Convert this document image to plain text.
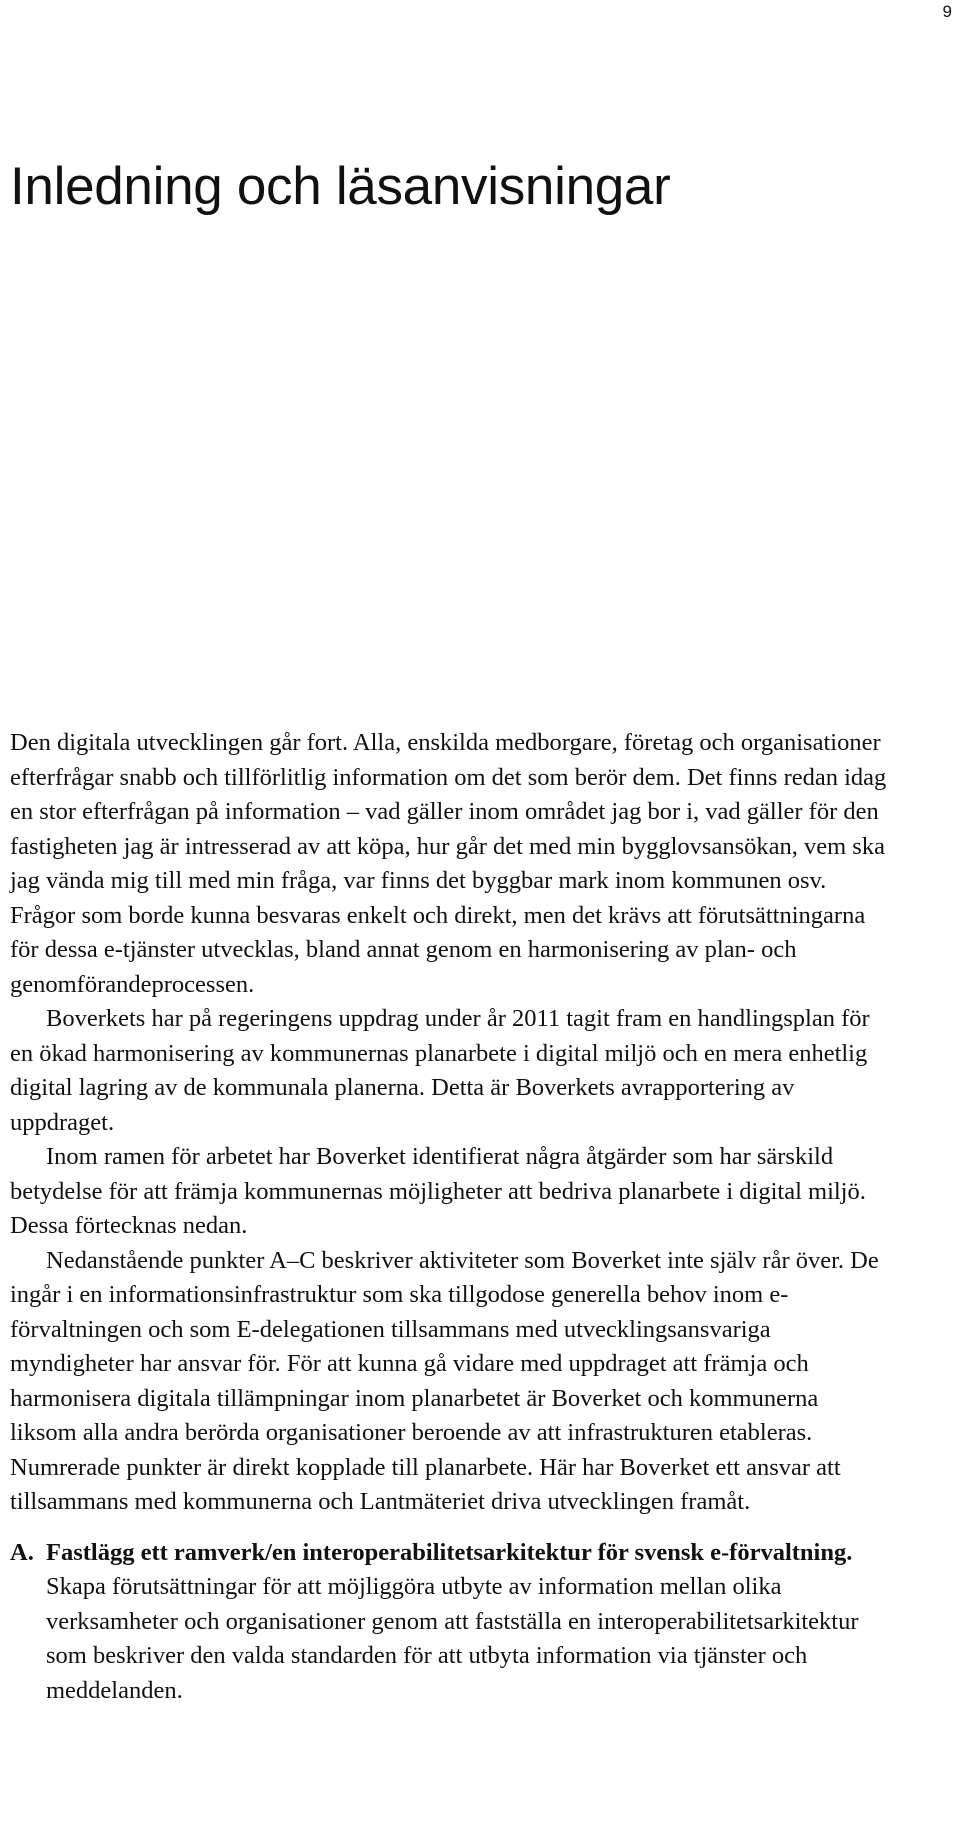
9
Inledning och läsanvisningar

Den digitala utvecklingen går fort. Alla, enskilda medborgare, företag och organisationer efterfrågar snabb och tillförlitlig information om det som berör dem. Det finns redan idag en stor efterfrågan på information – vad gäller inom området jag bor i, vad gäller för den fastigheten jag är intresserad av att köpa, hur går det med min bygglovsansökan, vem ska jag vända mig till med min fråga, var finns det byggbar mark inom kommunen osv. Frågor som borde kunna besvaras enkelt och direkt, men det krävs att förutsättningarna för dessa e-tjänster utvecklas, bland annat genom en harmonisering av plan- och genomförandeprocessen.

Boverkets har på regeringens uppdrag under år 2011 tagit fram en handlingsplan för en ökad harmonisering av kommunernas planarbete i digital miljö och en mera enhetlig digital lagring av de kommunala planerna. Detta är Boverkets avrapportering av uppdraget.

Inom ramen för arbetet har Boverket identifierat några åtgärder som har särskild betydelse för att främja kommunernas möjligheter att bedriva planarbete i digital miljö. Dessa förtecknas nedan.

Nedanstående punkter A–C beskriver aktiviteter som Boverket inte själv rår över. De ingår i en informationsinfrastruktur som ska tillgodose generella behov inom e-förvaltningen och som E-delegationen tillsammans med utvecklingsansvariga myndigheter har ansvar för. För att kunna gå vidare med uppdraget att främja och harmonisera digitala tillämpningar inom planarbetet är Boverket och kommunerna liksom alla andra berörda organisationer beroende av att infrastrukturen etableras. Numrerade punkter är direkt kopplade till planarbete. Här har Boverket ett ansvar att tillsammans med kommunerna och Lantmäteriet driva utvecklingen framåt.

A. Fastlägg ett ramverk/en interoperabilitetsarkitektur för svensk e-förvaltning.
Skapa förutsättningar för att möjliggöra utbyte av information mellan olika verksamheter och organisationer genom att fastställa en interoperabilitetsarkitektur som beskriver den valda standarden för att utbyta information via tjänster och meddelanden.
